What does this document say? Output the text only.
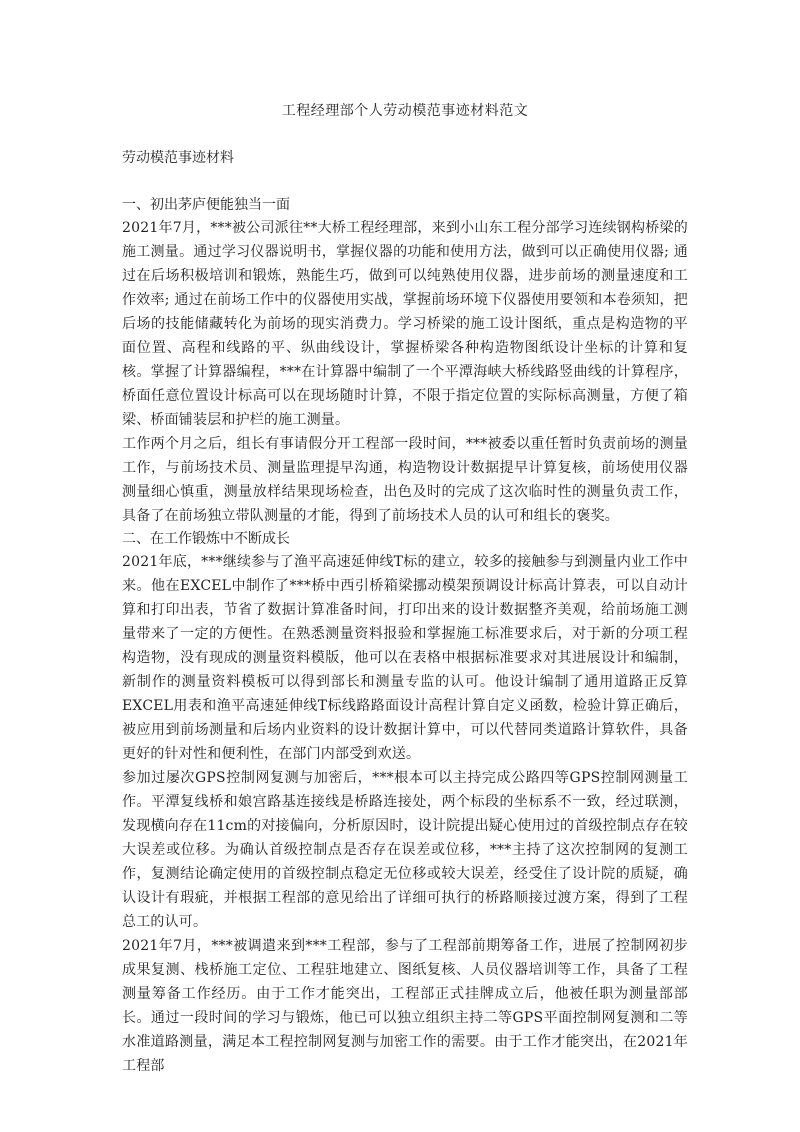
工程经理部个人劳动模范事迹材料范文
劳动模范事迹材料
一、初出茅庐便能独当一面

2021年7月，***被公司派往**大桥工程经理部，来到小山东工程分部学习连续钢构桥梁的施工测量。通过学习仪器说明书，掌握仪器的功能和使用方法，做到可以正确使用仪器; 通过在后场积极培训和锻炼，熟能生巧，做到可以纯熟使用仪器，进步前场的测量速度和工作效率; 通过在前场工作中的仪器使用实战，掌握前场环境下仪器使用要领和本卷须知，把后场的技能储藏转化为前场的现实消费力。学习桥梁的施工设计图纸，重点是构造物的平面位置、高程和线路的平、纵曲线设计，掌握桥梁各种构造物图纸设计坐标的计算和复核。掌握了计算器编程，***在计算器中编制了一个平潭海峡大桥线路竖曲线的计算程序，桥面任意位置设计标高可以在现场随时计算，不限于指定位置的实际标高测量，方便了箱梁、桥面铺装层和护栏的施工测量。

工作两个月之后，组长有事请假分开工程部一段时间，***被委以重任暂时负责前场的测量工作，与前场技术员、测量监理提早沟通，构造物设计数据提早计算复核，前场使用仪器测量细心慎重，测量放样结果现场检查，出色及时的完成了这次临时性的测量负责工作，具备了在前场独立带队测量的才能，得到了前场技术人员的认可和组长的褒奖。

二、在工作锻炼中不断成长

2021年底，***继续参与了渔平高速延伸线T标的建立，较多的接触参与到测量内业工作中来。他在EXCEL中制作了***桥中西引桥箱梁挪动模架预调设计标高计算表，可以自动计算和打印出表，节省了数据计算准备时间，打印出来的设计数据整齐美观，给前场施工测量带来了一定的方便性。在熟悉测量资料报验和掌握施工标准要求后，对于新的分项工程构造物，没有现成的测量资料模版，他可以在表格中根据标准要求对其进展设计和编制，新制作的测量资料模板可以得到部长和测量专监的认可。他设计编制了通用道路正反算EXCEL用表和渔平高速延伸线T标线路路面设计高程计算自定义函数，检验计算正确后，被应用到前场测量和后场内业资料的设计数据计算中，可以代替同类道路计算软件，具备更好的针对性和便利性，在部门内部受到欢送。

参加过屡次GPS控制网复测与加密后，***根本可以主持完成公路四等GPS控制网测量工作。平潭复线桥和娘宫路基连接线是桥路连接处，两个标段的坐标系不一致，经过联测，发现横向存在11cm的对接偏向，分析原因时，设计院提出疑心使用过的首级控制点存在较大误差或位移。为确认首级控制点是否存在误差或位移，***主持了这次控制网的复测工作，复测结论确定使用的首级控制点稳定无位移或较大误差，经受住了设计院的质疑，确认设计有瑕疵，并根据工程部的意见给出了详细可执行的桥路顺接过渡方案，得到了工程总工的认可。

2021年7月，***被调遣来到***工程部，参与了工程部前期筹备工作，进展了控制网初步成果复测、栈桥施工定位、工程驻地建立、图纸复核、人员仪器培训等工作，具备了工程测量筹备工作经历。由于工作才能突出，工程部正式挂牌成立后，他被任职为测量部部长。通过一段时间的学习与锻炼，他已可以独立组织主持二等GPS平面控制网复测和二等水准道路测量，满足本工程控制网复测与加密工作的需要。由于工作才能突出，在2021年工程部
